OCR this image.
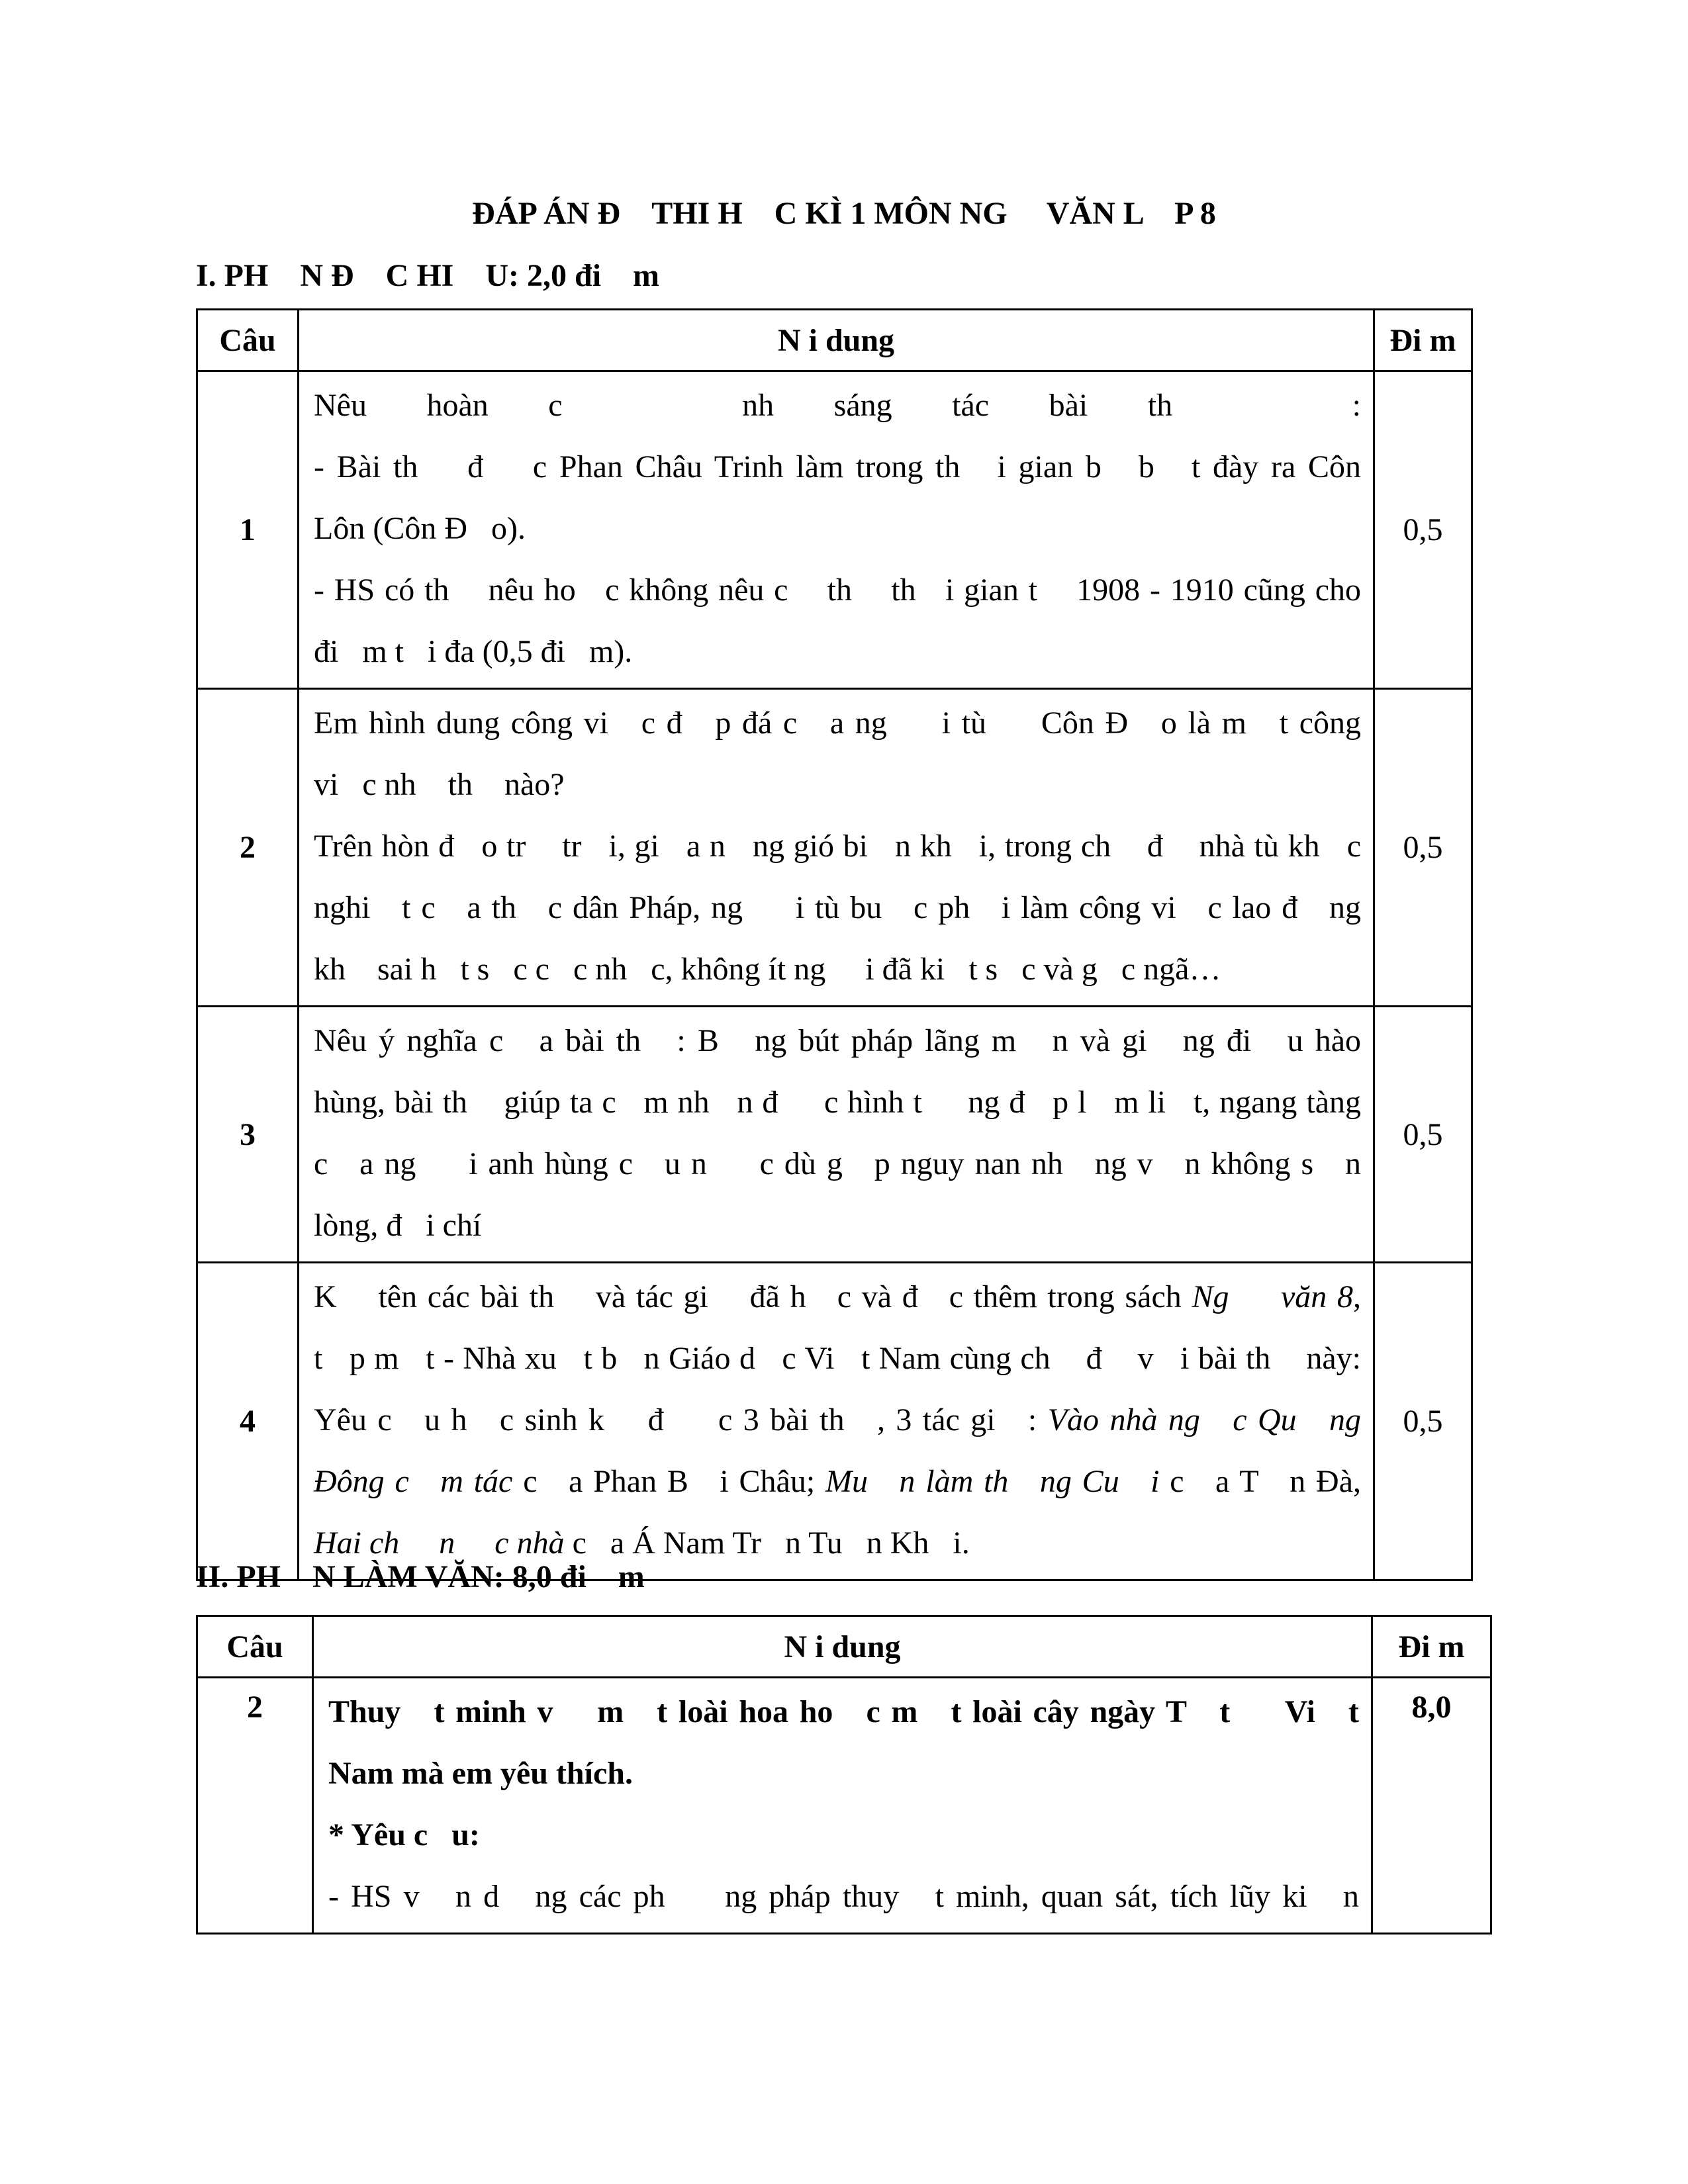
ĐÁP ÁN Đ    THI H    C KÌ 1 MÔN NG     VĂN L    P 8
I. PH    N Đ    C HI    U: 2,0 đi    m
Câu	N i dung	Đi m
1	Nêu hoàn c   nh sáng tác bài th   :
- Bài th    đ    c Phan Châu Trinh làm trong th   i gian b   b   t đày ra Côn
Lôn (Côn Đ   o).
- HS có th    nêu ho   c không nêu c    th    th   i gian t    1908 - 1910 cũng cho
đi   m t   i đa (0,5 đi   m).	0,5
2	Em hình dung công vi   c đ   p đá c   a ng     i tù     Côn Đ   o là m   t công
vi   c nh    th    nào?
Trên hòn đ   o tr    tr   i, gi   a n   ng gió bi   n kh   i, trong ch    đ    nhà tù kh   c
nghi   t c   a th   c dân Pháp, ng     i tù bu   c ph   i làm công vi   c lao đ   ng
kh    sai h   t s   c c   c nh   c, không ít ng     i đã ki   t s   c và g   c ngã…	0,5
3	Nêu ý nghĩa c   a bài th   : B   ng bút pháp lãng m   n và gi   ng đi   u hào
hùng, bài th    giúp ta c   m nh   n đ     c hình t     ng đ   p l   m li   t, ngang tàng
c   a ng     i anh hùng c   u n     c dù g   p nguy nan nh   ng v   n không s   n
lòng, đ   i chí	0,5
4	K    tên các bài th    và tác gi    đã h   c và đ   c thêm trong sách Ng     văn 8,
t   p m   t - Nhà xu   t b   n Giáo d   c Vi   t Nam cùng ch    đ    v   i bài th    này:
Yêu c   u h   c sinh k    đ     c 3 bài th   , 3 tác gi   : Vào nhà ng   c Qu   ng
Đông c   m tác c   a Phan B   i Châu; Mu   n làm th   ng Cu   i c   a T   n Đà,
Hai ch     n     c nhà c   a Á Nam Tr   n Tu   n Kh   i.	0,5
II. PH    N LÀM VĂN: 8,0 đi    m
Câu	N i dung	Đi m
2	Thuy   t minh v    m   t loài hoa ho   c m   t loài cây ngày T   t     Vi   t
Nam mà em yêu thích.
* Yêu c   u:
- HS v   n d   ng các ph     ng pháp thuy   t minh, quan sát, tích lũy ki   n	8,0
